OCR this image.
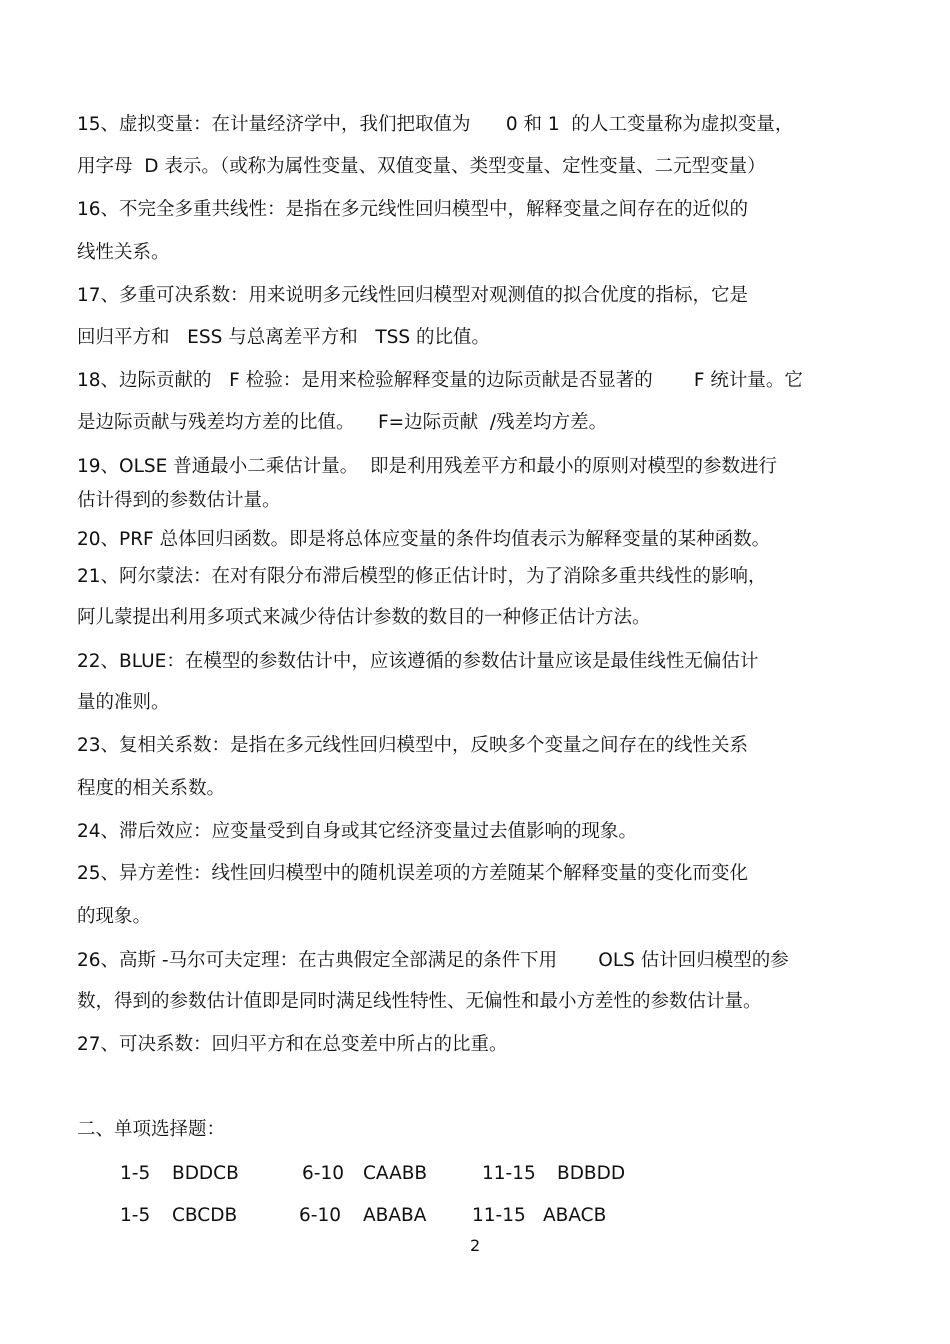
15、虚拟变量：在计量经济学中，我们把取值为      0 和 1  的人工变量称为虚拟变量，
用字母  D 表示。（或称为属性变量、双值变量、类型变量、定性变量、二元型变量）
16、不完全多重共线性：是指在多元线性回归模型中，解释变量之间存在的近似的
线性关系。
17、多重可决系数：用来说明多元线性回归模型对观测值的拟合优度的指标，它是
回归平方和   ESS 与总离差平方和   TSS 的比值。
18、边际贡献的   F 检验：是用来检验解释变量的边际贡献是否显著的       F 统计量。它
是边际贡献与残差均方差的比值。    F=边际贡献  /残差均方差。
19、OLSE 普通最小二乘估计量。  即是利用残差平方和最小的原则对模型的参数进行
估计得到的参数估计量。
20、PRF 总体回归函数。即是将总体应变量的条件均值表示为解释变量的某种函数。
21、阿尔蒙法：在对有限分布滞后模型的修正估计时，为了消除多重共线性的影响，
阿儿蒙提出利用多项式来减少待估计参数的数目的一种修正估计方法。
22、BLUE：在模型的参数估计中，应该遵循的参数估计量应该是最佳线性无偏估计
量的准则。
23、复相关系数：是指在多元线性回归模型中，反映多个变量之间存在的线性关系
程度的相关系数。
24、滞后效应：应变量受到自身或其它经济变量过去值影响的现象。
25、异方差性：线性回归模型中的随机误差项的方差随某个解释变量的变化而变化
的现象。
26、高斯 -马尔可夫定理：在古典假定全部满足的条件下用       OLS 估计回归模型的参
数，得到的参数估计值即是同时满足线性特性、无偏性和最小方差性的参数估计量。
27、可决系数：回归平方和在总变差中所占的比重。
二、单项选择题：
1-5 BDDCB	6-10 CAABB	11-15 BDBDD
1-5 CBCDB	6-10 ABABA 11-15 ABACB
2
